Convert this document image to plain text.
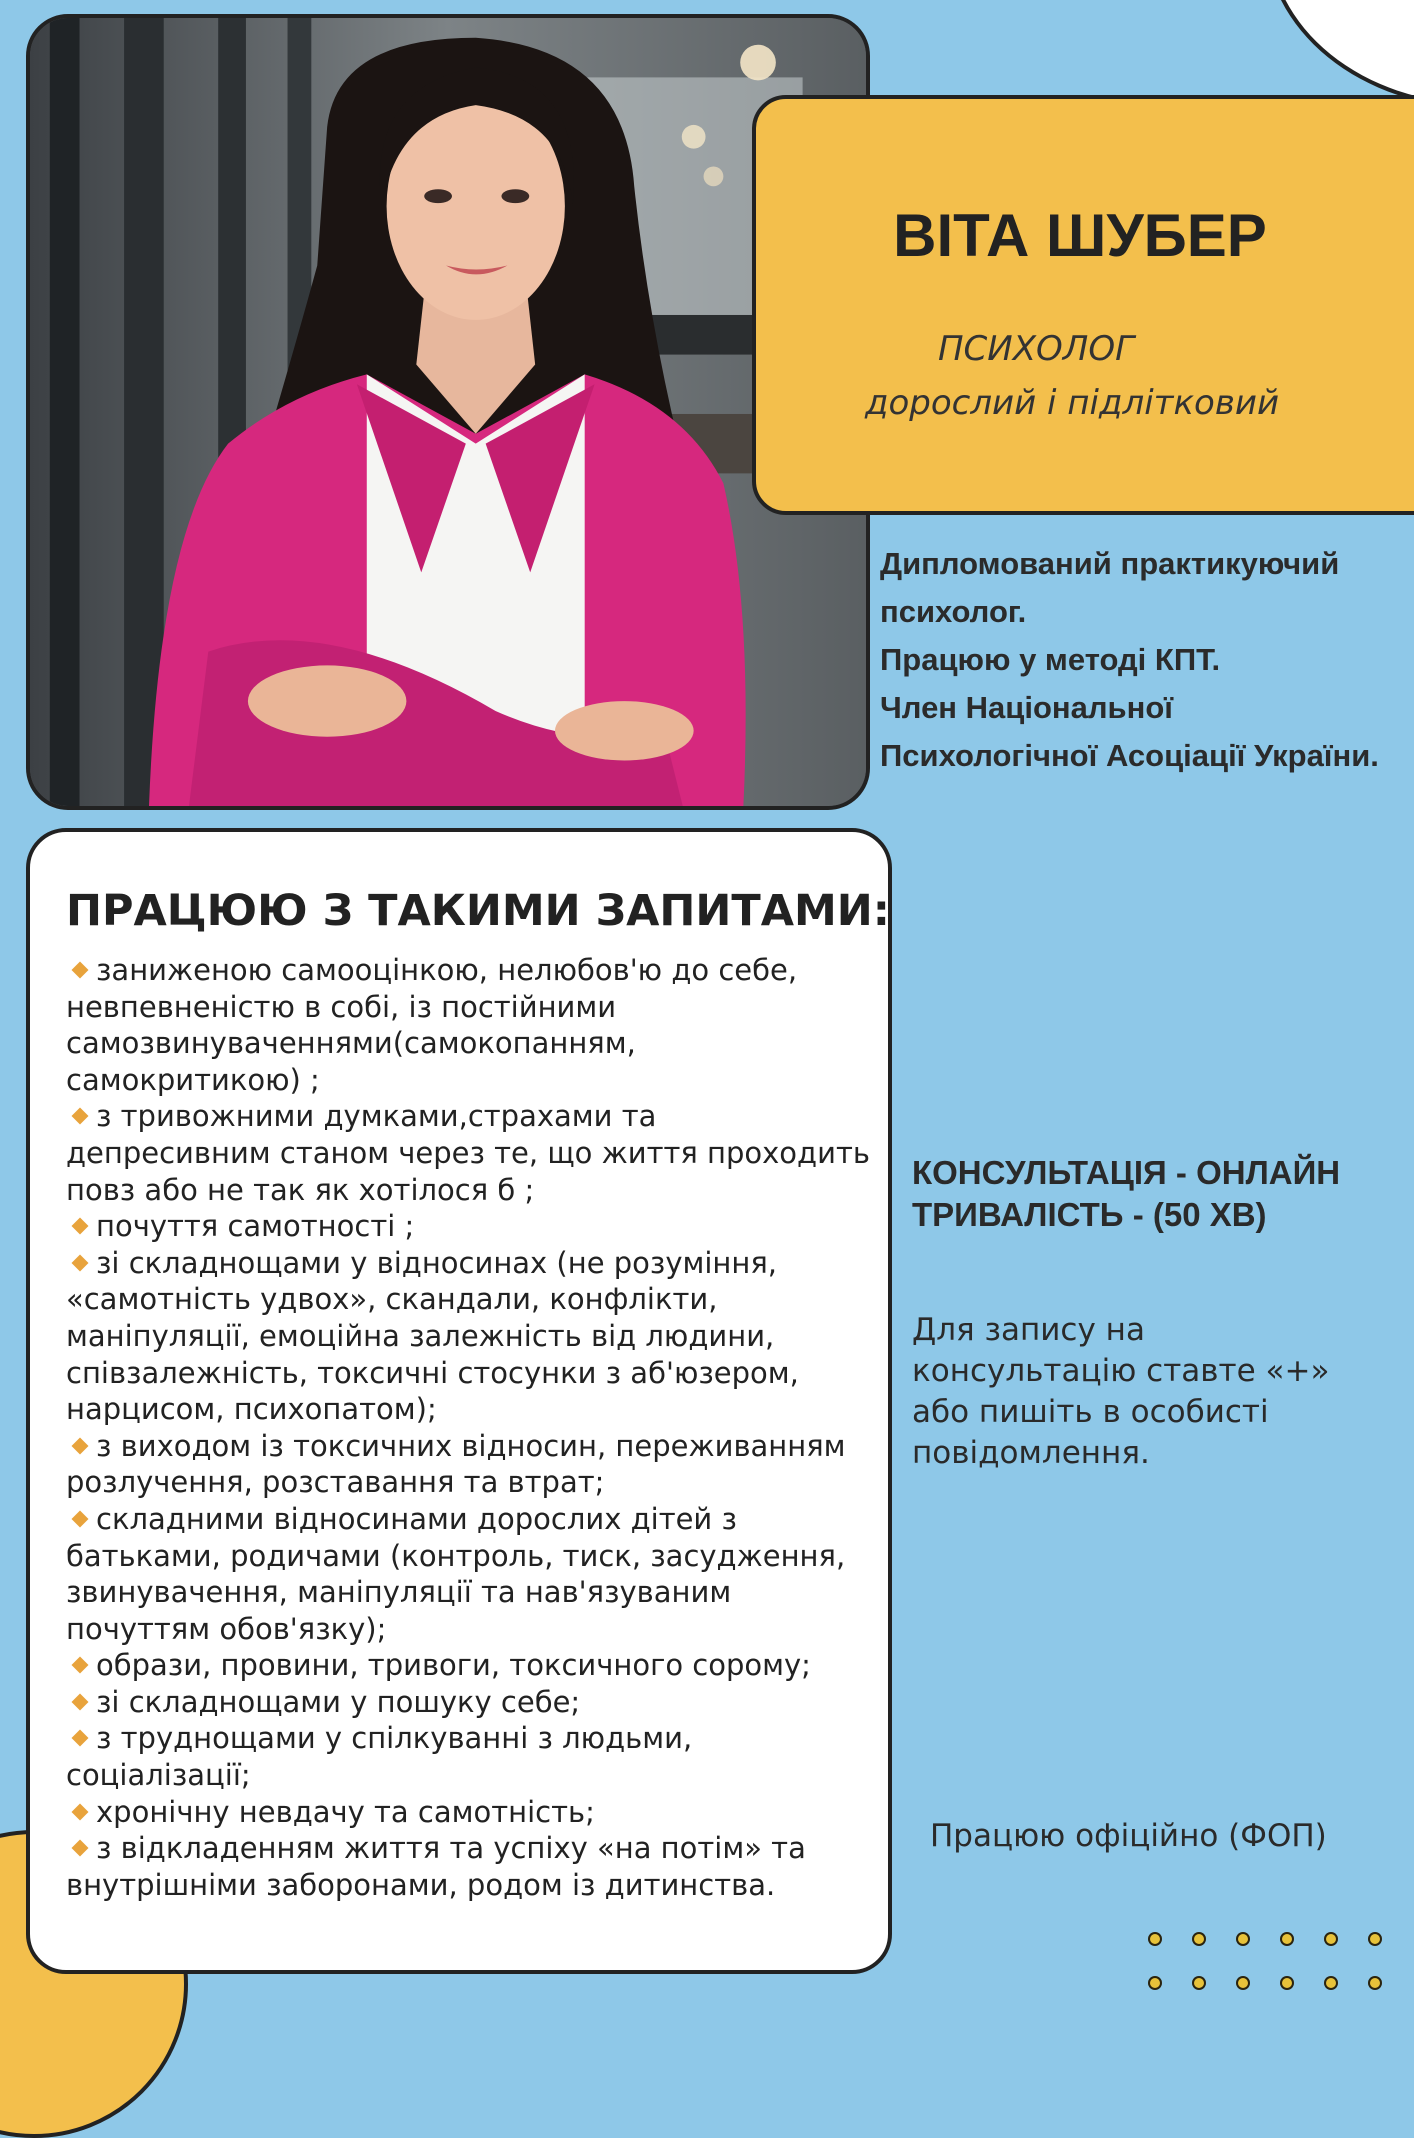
ВІТА ШУБЕР
ПСИХОЛОГ
дорослий і підлітковий
Дипломований практикуючий
психолог.
Працюю у методі КПТ.
Член Національної
Психологічної Асоціації України.
ПРАЦЮЮ З ТАКИМИ ЗАПИТАМИ:
заниженою самооцінкою, нелюбов'ю до себе,
невпевненістю в собі, із постійними
самозвинуваченнями(самокопанням,
самокритикою) ;
з тривожними думками,страхами та
депресивним станом через те, що життя проходить
повз або не так як хотілося б ;
почуття самотності ;
зі складнощами у відносинах (не розуміння,
«самотність удвох», скандали, конфлікти,
маніпуляції, емоційна залежність від людини,
співзалежність, токсичні стосунки з аб'юзером,
нарцисом, психопатом);
з виходом із токсичних відносин, переживанням
розлучення, розставання та втрат;
складними відносинами дорослих дітей з
батьками, родичами (контроль, тиск, засудження,
звинувачення, маніпуляції та нав'язуваним
почуттям обов'язку);
образи, провини, тривоги, токсичного сорому;
зі складнощами у пошуку себе;
з труднощами у спілкуванні з людьми,
соціалізації;
хронічну невдачу та самотність;
з відкладенням життя та успіху «на потім» та
внутрішніми заборонами, родом із дитинства.
КОНСУЛЬТАЦІЯ - ОНЛАЙН
ТРИВАЛІСТЬ - (50 ХВ)
Для запису на
консультацію ставте «+»
або пишіть в особисті
повідомлення.
Працюю офіційно (ФОП)
